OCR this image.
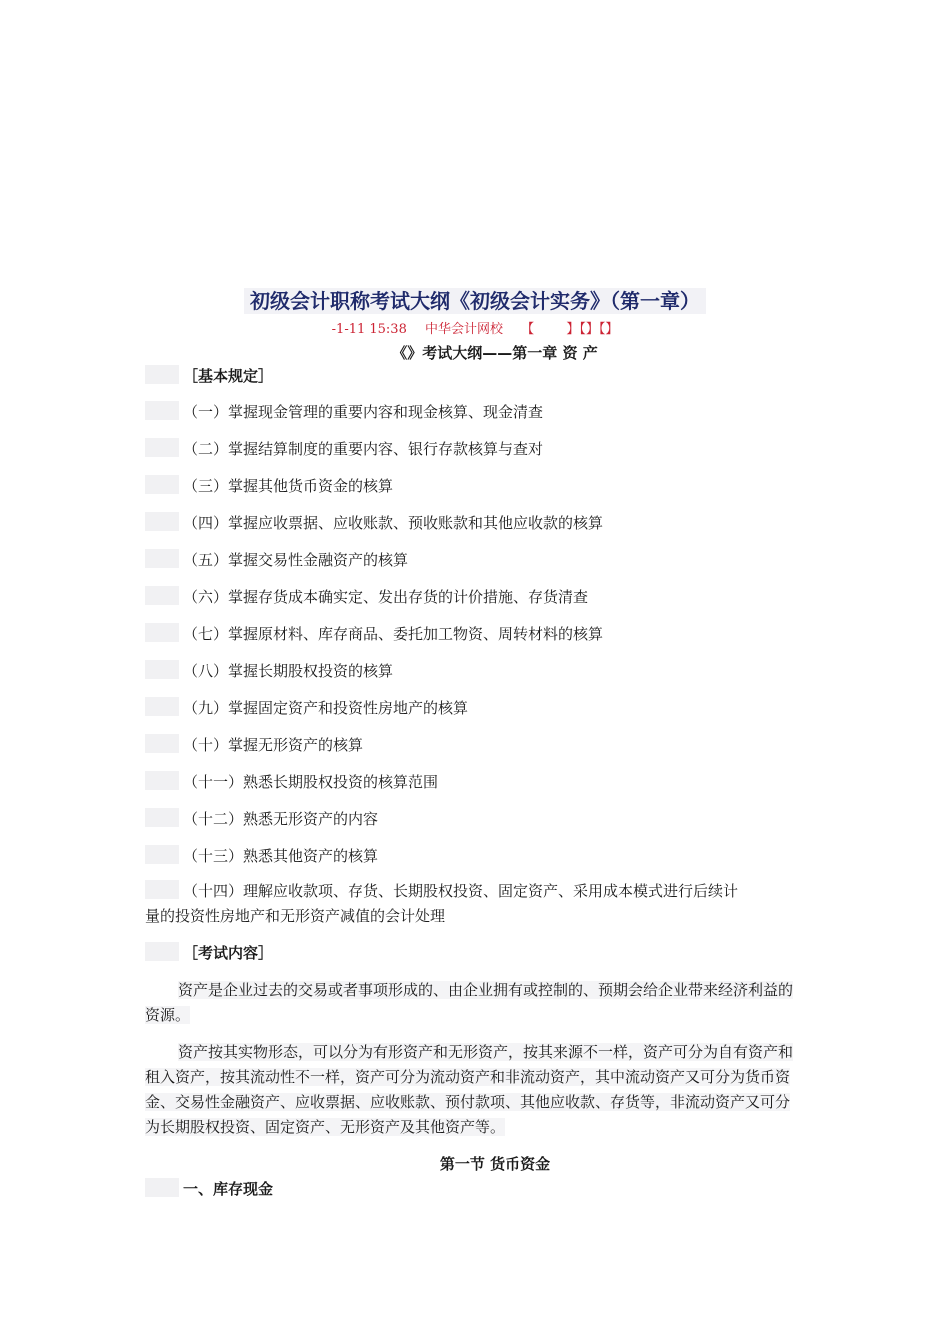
初级会计职称考试大纲《初级会计实务》（第一章）
-1-11 15:38 中华会计网校 【 】【】【】
《》考试大纲——第一章 资 产
［基本规定］
（一）掌握现金管理的重要内容和现金核算、现金清查
（二）掌握结算制度的重要内容、银行存款核算与查对
（三）掌握其他货币资金的核算
（四）掌握应收票据、应收账款、预收账款和其他应收款的核算
（五）掌握交易性金融资产的核算
（六）掌握存货成本确实定、发出存货的计价措施、存货清查
（七）掌握原材料、库存商品、委托加工物资、周转材料的核算
（八）掌握长期股权投资的核算
（九）掌握固定资产和投资性房地产的核算
（十）掌握无形资产的核算
（十一）熟悉长期股权投资的核算范围
（十二）熟悉无形资产的内容
（十三）熟悉其他资产的核算
（十四）理解应收款项、存货、长期股权投资、固定资产、采用成本模式进行后续计
量的投资性房地产和无形资产减值的会计处理
［考试内容］
资产是企业过去的交易或者事项形成的、由企业拥有或控制的、预期会给企业带来经济利益的资源。
资产按其实物形态，可以分为有形资产和无形资产，按其来源不一样，资产可分为自有资产和租入资产，按其流动性不一样，资产可分为流动资产和非流动资产，其中流动资产又可分为货币资金、交易性金融资产、应收票据、应收账款、预付款项、其他应收款、存货等，非流动资产又可分为长期股权投资、固定资产、无形资产及其他资产等。
第一节 货币资金
一、库存现金
